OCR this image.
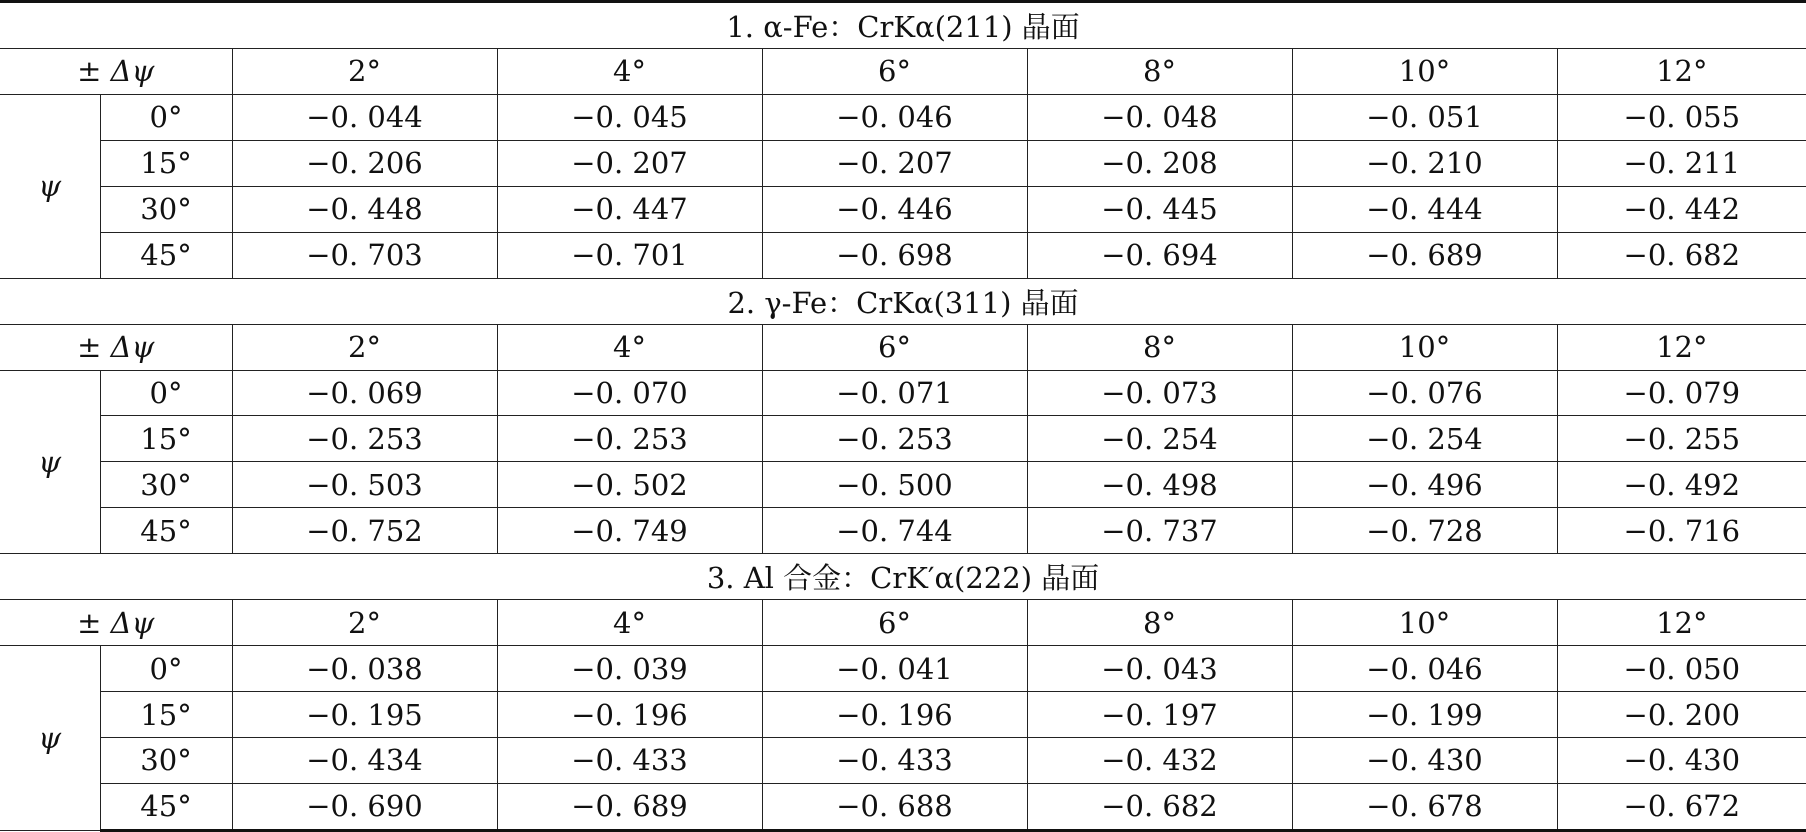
1. α-Fe：CrKα(211) 晶面							
± Δψ		2°	4°	6°	8°	10°	12°
ψ	0°	−0. 044	−0. 045	−0. 046	−0. 048	−0. 051	−0. 055
	15°	−0. 206	−0. 207	−0. 207	−0. 208	−0. 210	−0. 211
	30°	−0. 448	−0. 447	−0. 446	−0. 445	−0. 444	−0. 442
	45°	−0. 703	−0. 701	−0. 698	−0. 694	−0. 689	−0. 682
2. γ-Fe：CrKα(311) 晶面							
± Δψ		2°	4°	6°	8°	10°	12°
ψ	0°	−0. 069	−0. 070	−0. 071	−0. 073	−0. 076	−0. 079
	15°	−0. 253	−0. 253	−0. 253	−0. 254	−0. 254	−0. 255
	30°	−0. 503	−0. 502	−0. 500	−0. 498	−0. 496	−0. 492
	45°	−0. 752	−0. 749	−0. 744	−0. 737	−0. 728	−0. 716
3. Al 合金：CrK′α(222) 晶面							
± Δψ		2°	4°	6°	8°	10°	12°
ψ	0°	−0. 038	−0. 039	−0. 041	−0. 043	−0. 046	−0. 050
	15°	−0. 195	−0. 196	−0. 196	−0. 197	−0. 199	−0. 200
	30°	−0. 434	−0. 433	−0. 433	−0. 432	−0. 430	−0. 430
	45°	−0. 690	−0. 689	−0. 688	−0. 682	−0. 678	−0. 672
